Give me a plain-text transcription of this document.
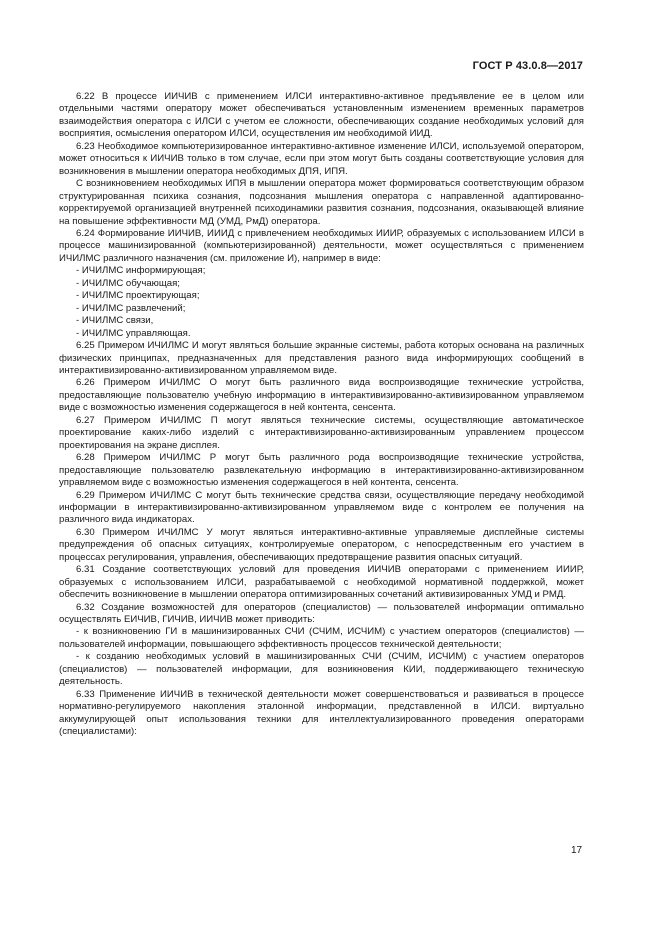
ГОСТ Р 43.0.8—2017

6.22 В процессе ИИЧИВ с применением ИЛСИ интерактивно-активное предъявление ее в целом или отдельными частями оператору может обеспечиваться установленным изменением временных параметров взаимодействия оператора с ИЛСИ с учетом ее сложности, обеспечивающих создание необходимых условий для восприятия, осмысления оператором ИЛСИ, осуществления им необходимой ИИД.

6.23 Необходимое компьютеризированное интерактивно-активное изменение ИЛСИ, используемой оператором, может относиться к ИИЧИВ только в том случае, если при этом могут быть созданы соответствующие условия для возникновения в мышлении оператора необходимых ДПЯ, ИПЯ.

С возникновением необходимых ИПЯ в мышлении оператора может формироваться соответствующим образом структурированная психика сознания, подсознания мышления оператора с направленной адаптированно-корректируемой организацией внутренней психодинамики развития сознания, подсознания, оказывающей влияние на повышение эффективности МД (УМД, РмД) оператора.

6.24 Формирование ИИЧИВ, ИИИД с привлечением необходимых ИИИР, образуемых с использованием ИЛСИ в процессе машинизированной (компьютеризированной) деятельности, может осуществляться с применением ИЧИЛМС различного назначения (см. приложение И), например в виде:

- ИЧИЛМС информирующая;

- ИЧИЛМС обучающая;

- ИЧИЛМС проектирующая;

- ИЧИЛМС развлечений;

- ИЧИЛМС связи,

- ИЧИЛМС управляющая.

6.25 Примером ИЧИЛМС И могут являться большие экранные системы, работа которых основана на различных физических принципах, предназначенных для представления разного вида информирующих сообщений в интерактивизированно-активизированном управляемом виде.

6.26 Примером ИЧИЛМС О могут быть различного вида воспроизводящие технические устройства, предоставляющие пользователю учебную информацию в интерактивизированно-активизированном управляемом виде с возможностью изменения содержащегося в ней контента, сенсента.

6.27 Примером ИЧИЛМС П могут являться технические системы, осуществляющие автоматическое проектирование каких-либо изделий с интерактивизированно-активизированным управлением процессом проектирования на экране дисплея.

6.28 Примером ИЧИЛМС Р могут быть различного рода воспроизводящие технические устройства, предоставляющие пользователю развлекательную информацию в интерактивизированно-активизированном управляемом виде с возможностью изменения содержащегося в ней контента, сенсента.

6.29 Примером ИЧИЛМС С могут быть технические средства связи, осуществляющие передачу необходимой информации в интерактивизированно-активизированном управляемом виде с контролем ее получения на различного вида индикаторах.

6.30 Примером ИЧИЛМС У могут являться интерактивно-активные управляемые дисплейные системы предупреждения об опасных ситуациях, контролируемые оператором, с непосредственным его участием в процессах регулирования, управления, обеспечивающих предотвращение развития опасных ситуаций.

6.31 Создание соответствующих условий для проведения ИИЧИВ операторами с применением ИИИР, образуемых с использованием ИЛСИ, разрабатываемой с необходимой нормативной поддержкой, может обеспечить возникновение в мышлении оператора оптимизированных сочетаний активизированных УМД и РМД.

6.32 Создание возможностей для операторов (специалистов) — пользователей информации оптимально осуществлять ЕИЧИВ, ГИЧИВ, ИИЧИВ может приводить:

- к возникновению ГИ в машинизированных СЧИ (СЧИМ, ИСЧИМ) с участием операторов (специалистов) — пользователей информации, повышающего эффективность процессов технической деятельности;

- к созданию необходимых условий в машинизированных СЧИ (СЧИМ, ИСЧИМ) с участием операторов (специалистов) — пользователей информации, для возникновения КИИ, поддерживающего техническую деятельность.

6.33 Применение ИИЧИВ в технической деятельности может совершенствоваться и развиваться в процессе нормативно-регулируемого накопления эталонной информации, представленной в ИЛСИ. виртуально аккумулирующей опыт использования техники для интеллектуализированного проведения операторами (специалистами):

17
